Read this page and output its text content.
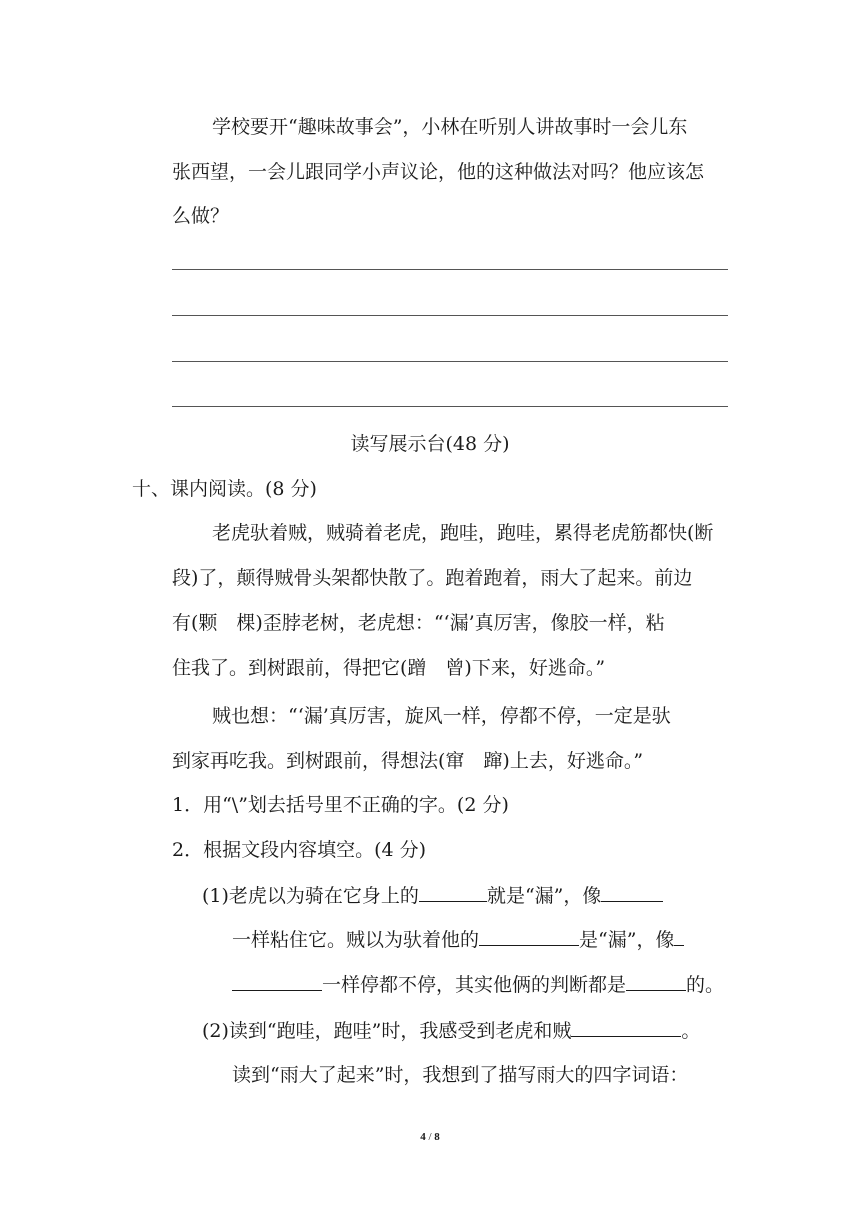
学校要开“趣味故事会”，小林在听别人讲故事时一会儿东
张西望，一会儿跟同学小声议论，他的这种做法对吗？他应该怎
么做？
读写展示台(48 分)
十、课内阅读。(8 分)
老虎驮着贼，贼骑着老虎，跑哇，跑哇，累得老虎筋都快(断
段)了，颠得贼骨头架都快散了。跑着跑着，雨大了起来。前边
有(颗　棵)歪脖老树，老虎想：“‘漏’真厉害，像胶一样，粘
住我了。到树跟前，得把它(蹭　曾)下来，好逃命。”
贼也想：“‘漏’真厉害，旋风一样，停都不停，一定是驮
到家再吃我。到树跟前，得想法(窜　蹿)上去，好逃命。”
1．用“\”划去括号里不正确的字。(2 分)
2．根据文段内容填空。(4 分)
(1)老虎以为骑在它身上的	就是“漏”，像
一样粘住它。贼以为驮着他的	是“漏”，像
一样停都不停，其实他俩的判断都是	的。
(2)读到“跑哇，跑哇”时，我感受到老虎和贼	。
读到“雨大了起来”时，我想到了描写雨大的四字词语：
4 / 8
